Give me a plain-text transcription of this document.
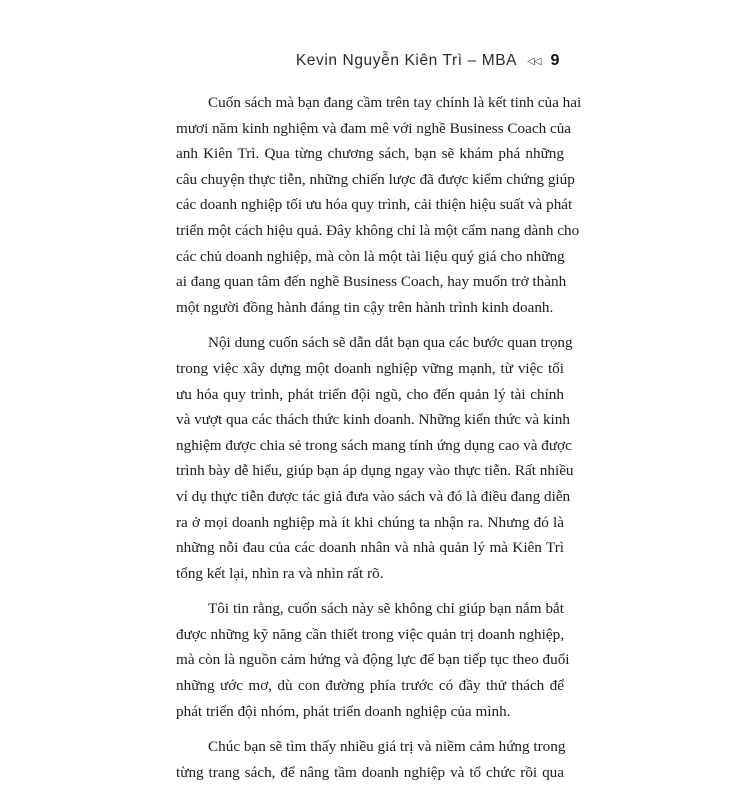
Kevin Nguyễn Kiên Trì – MBA ◁◁ 9
Cuốn sách mà bạn đang cầm trên tay chính là kết tinh của hai
mươi năm kinh nghiệm và đam mê với nghề Business Coach của
anh Kiên Trì. Qua từng chương sách, bạn sẽ khám phá những
câu chuyện thực tiễn, những chiến lược đã được kiểm chứng giúp
các doanh nghiệp tối ưu hóa quy trình, cải thiện hiệu suất và phát
triển một cách hiệu quả. Đây không chỉ là một cẩm nang dành cho
các chủ doanh nghiệp, mà còn là một tài liệu quý giá cho những
ai đang quan tâm đến nghề Business Coach, hay muốn trở thành
một người đồng hành đáng tin cậy trên hành trình kinh doanh.
Nội dung cuốn sách sẽ dẫn dắt bạn qua các bước quan trọng
trong việc xây dựng một doanh nghiệp vững mạnh, từ việc tối
ưu hóa quy trình, phát triển đội ngũ, cho đến quản lý tài chính
và vượt qua các thách thức kinh doanh. Những kiến thức và kinh
nghiệm được chia sẻ trong sách mang tính ứng dụng cao và được
trình bày dễ hiểu, giúp bạn áp dụng ngay vào thực tiễn. Rất nhiều
ví dụ thực tiễn được tác giả đưa vào sách và đó là điều đang diễn
ra ở mọi doanh nghiệp mà ít khi chúng ta nhận ra. Nhưng đó là
những nỗi đau của các doanh nhân và nhà quản lý mà Kiên Trì
tổng kết lại, nhìn ra và nhìn rất rõ.
Tôi tin rằng, cuốn sách này sẽ không chỉ giúp bạn nắm bắt
được những kỹ năng cần thiết trong việc quản trị doanh nghiệp,
mà còn là nguồn cảm hứng và động lực để bạn tiếp tục theo đuổi
những ước mơ, dù con đường phía trước có đầy thử thách để
phát triển đội nhóm, phát triển doanh nghiệp của mình.
Chúc bạn sẽ tìm thấy nhiều giá trị và niềm cảm hứng trong
từng trang sách, để nâng tầm doanh nghiệp và tổ chức rồi qua
